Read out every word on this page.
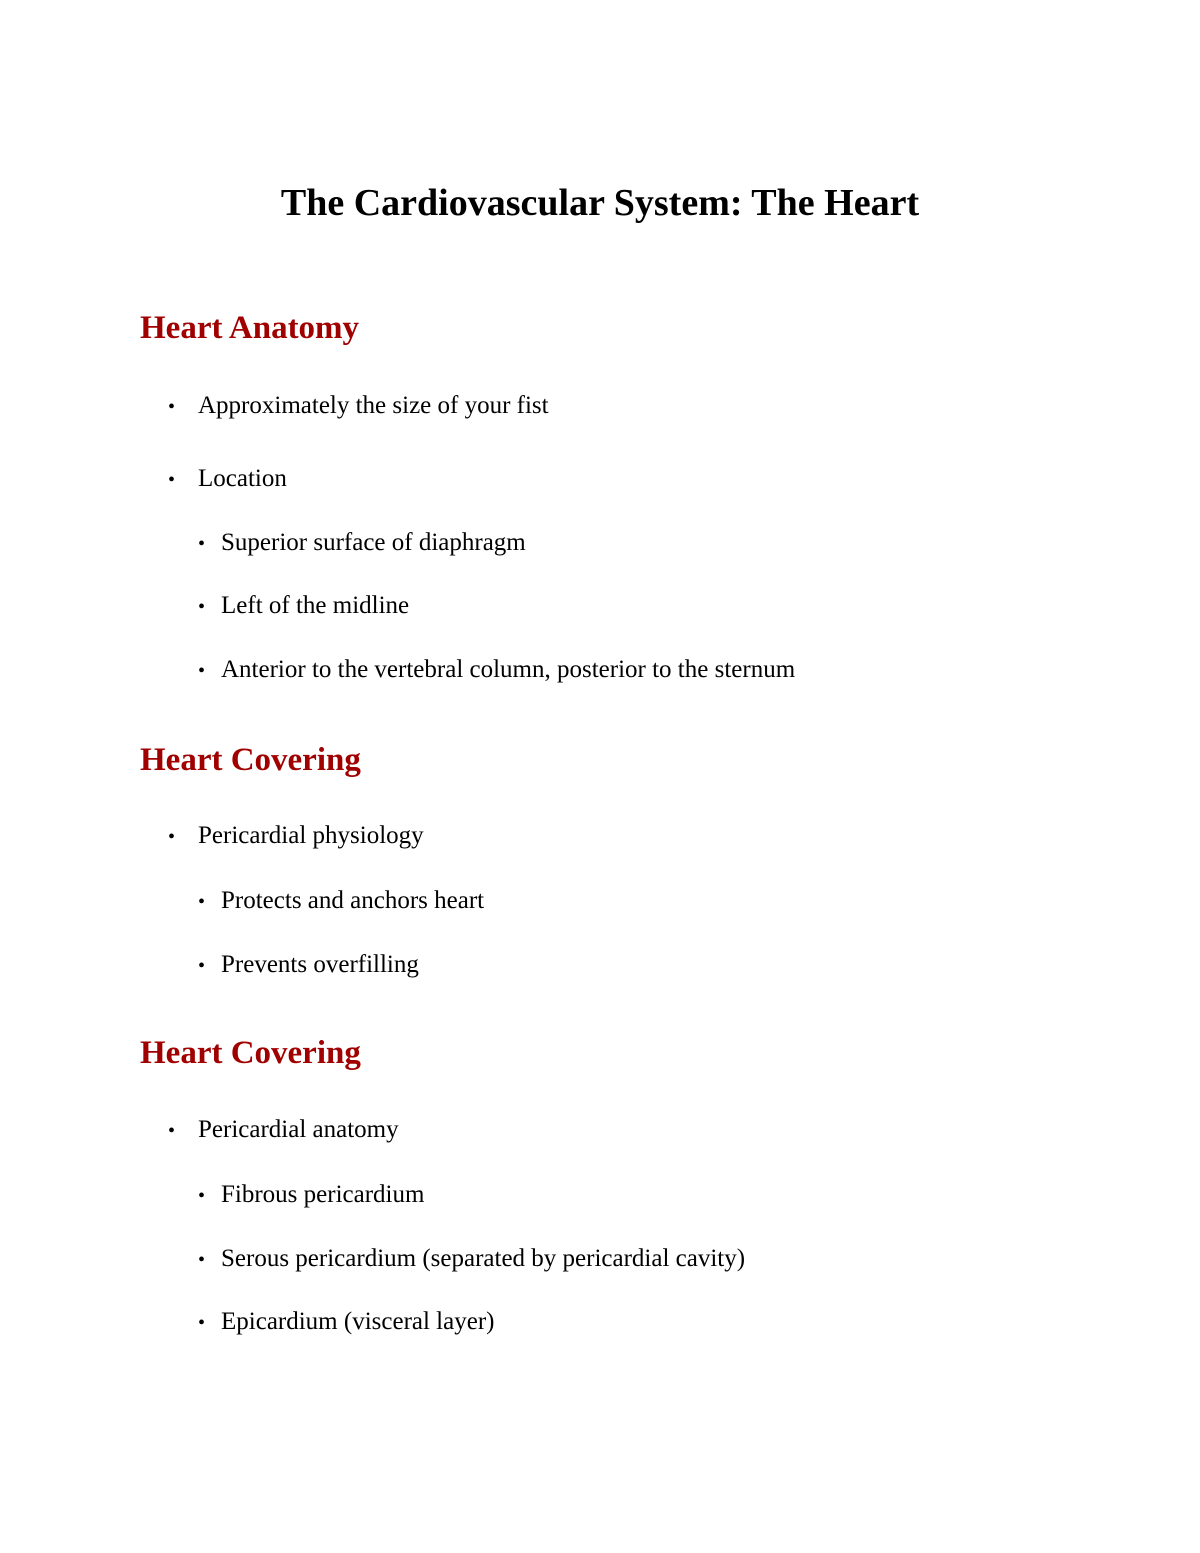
The Cardiovascular System: The Heart
Heart Anatomy

• Approximately the size of your fist

• Location

• Superior surface of diaphragm

• Left of the midline

• Anterior to the vertebral column, posterior to the sternum

Heart Covering

• Pericardial physiology

• Protects and anchors heart

• Prevents overfilling

Heart Covering

• Pericardial anatomy

• Fibrous pericardium

• Serous pericardium (separated by pericardial cavity)

• Epicardium (visceral layer)
